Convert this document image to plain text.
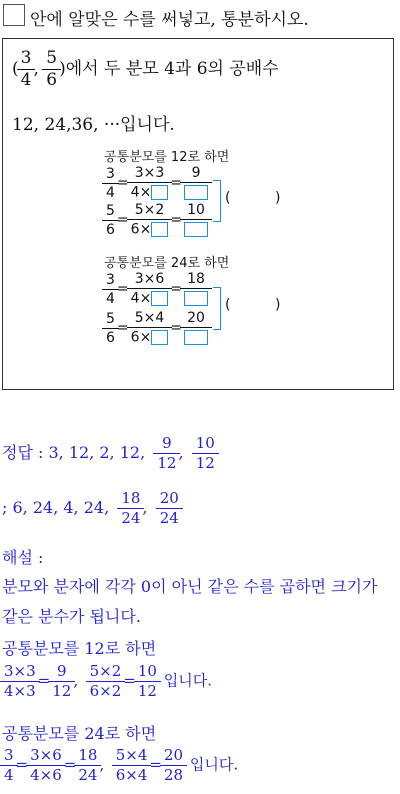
안에 알맞은 수를 써넣고, 통분하시오.
( $\frac{3}{4}$ , $\frac{5}{6}$ )에서 두 분모 4과 6의 공배수
12, 24,36, ···입니다.
공통분모를 12로 하면
$\frac{3}{4} = \frac{3\times 3}{4\times}$ =
9
$\frac{5}{6} = \frac{5\times 2}{6\times}$ =
10
(          )
공통분모를 24로 하면
$\frac{3}{4} = \frac{3\times 6}{4\times}$ =
18
$\frac{5}{6} = \frac{5\times 4}{6\times}$ =
20
(          )
정답 : 3, 12, 2, 12, $\frac{9}{12}$ , $\frac{10}{12}$
; 6, 24, 4, 24, $\frac{18}{24}$ , $\frac{20}{24}$
해설 :
분모와 분자에 각각 0이 아닌 같은 수를 곱하면 크기가
같은 분수가 됩니다.
공통분모를 12로 하면
$\frac{3\times 3}{4\times 3} = \frac{9}{12}$ , $\frac{5\times 2}{6\times 2} = \frac{10}{12}$ 입니다.
공통분모를 24로 하면
$\frac{3}{4} = \frac{3\times 6}{4\times 6} = \frac{18}{24}$ , $\frac{5\times 4}{6\times 4} = \frac{20}{28}$ 입니다.
